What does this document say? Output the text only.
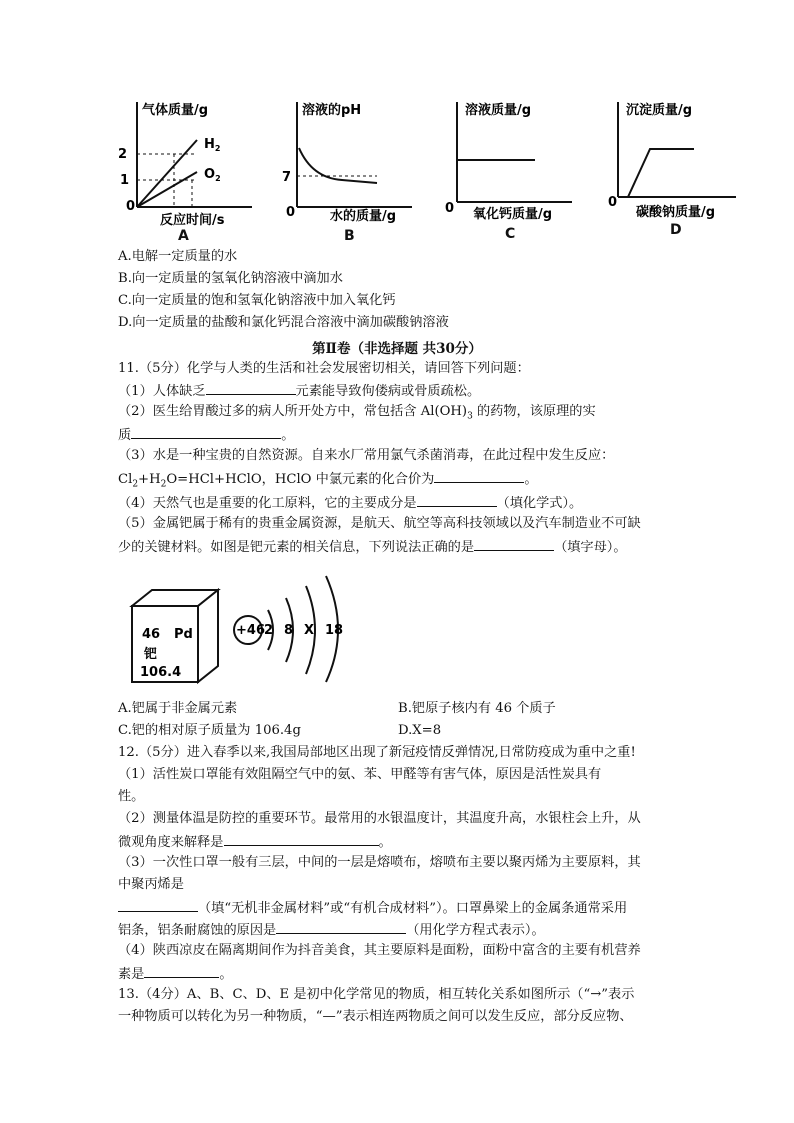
气体质量/g
2
1
0
$H_2$
$O_2$
反应时间/s
A
溶液的pH
7
0	水的质量/g
B
溶液质量/g
0 氧化钙质量/g
C
沉淀质量/g
0
碳酸钠质量/g
D
A.电解一定质量的水
B.向一定质量的氢氧化钠溶液中滴加水
C.向一定质量的饱和氢氧化钠溶液中加入氧化钙
D.向一定质量的盐酸和氯化钙混合溶液中滴加碳酸钠溶液
第Ⅱ卷（非选择题 共30分）
11.（5分）化学与人类的生活和社会发展密切相关，请回答下列问题：
（1）人体缺乏	元素能导致佝偻病或骨质疏松。
（2）医生给胃酸过多的病人所开处方中，常包括含 $Al(OH)_3$ 的药物，该原理的实
质	。
（3）水是一种宝贵的自然资源。自来水厂常用氯气杀菌消毒，在此过程中发生反应：
$Cl_2+H_2O=HCl+HClO$，HClO 中氯元素的化合价为	。
（4）天然气也是重要的化工原料，它的主要成分是	（填化学式）。
（5）金属钯属于稀有的贵重金属资源，是航天、航空等高科技领域以及汽车制造业不可缺
少的关键材料。如图是钯元素的相关信息，下列说法正确的是	（填字母）。
46 Pd
钯
106.4
+46 2 8 X 18
A.钯属于非金属元素	B.钯原子核内有 46 个质子
C.钯的相对原子质量为 106.4g	D.X=8
12.（5分）进入春季以来,我国局部地区出现了新冠疫情反弹情况,日常防疫成为重中之重!
（1）活性炭口罩能有效阻隔空气中的氨、苯、甲醛等有害气体，原因是活性炭具有
性。
（2）测量体温是防控的重要环节。最常用的水银温度计，其温度升高，水银柱会上升，从
微观角度来解释是	。
（3）一次性口罩一般有三层，中间的一层是熔喷布，熔喷布主要以聚丙烯为主要原料，其
中聚丙烯是
（填“无机非金属材料”或“有机合成材料”）。口罩鼻梁上的金属条通常采用
铝条，铝条耐腐蚀的原因是	（用化学方程式表示）。
（4）陕西凉皮在隔离期间作为抖音美食，其主要原料是面粉，面粉中富含的主要有机营养
素是	。
13.（4分）A、B、C、D、E 是初中化学常见的物质，相互转化关系如图所示（“→”表示
一种物质可以转化为另一种物质，“—”表示相连两物质之间可以发生反应，部分反应物、
